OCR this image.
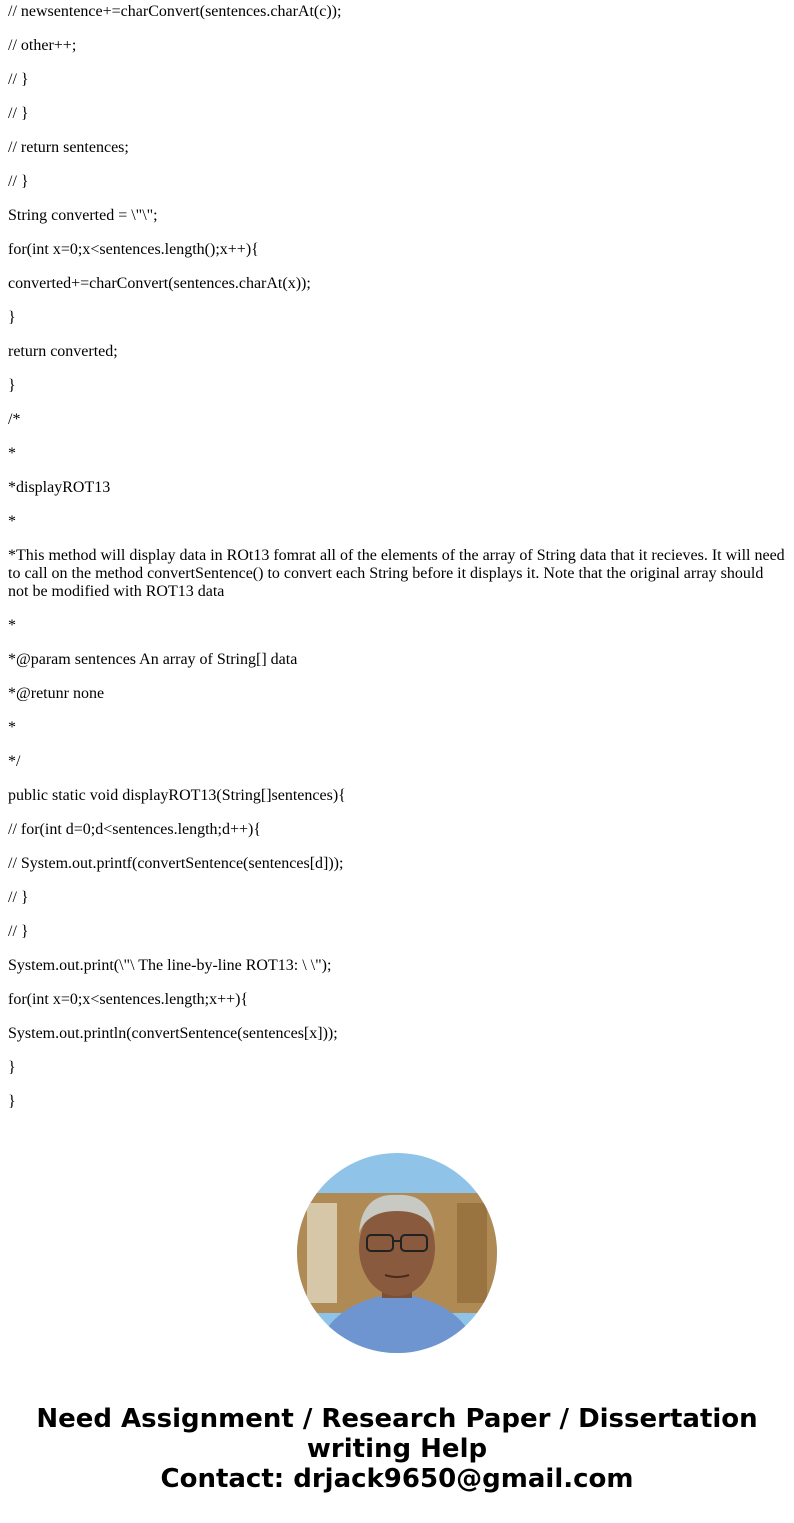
// newsentence+=charConvert(sentences.charAt(c));

// other++;

// }

// }

// return sentences;

// }

String converted = \"\";

for(int x=0;x<sentences.length();x++){

converted+=charConvert(sentences.charAt(x));

}

return converted;

}

/*

*

*displayROT13

*

*This method will display data in ROt13 fomrat all of the elements of the array of String data that it recieves. It will need to call on the method convertSentence() to convert each String before it displays it. Note that the original array should not be modified with ROT13 data

*

*@param sentences An array of String[] data

*@retunr none

*

*/

public static void displayROT13(String[]sentences){

// for(int d=0;d<sentences.length;d++){

// System.out.printf(convertSentence(sentences[d]));

// }

// }

System.out.print(\"\ The line-by-line ROT13: \ \");

for(int x=0;x<sentences.length;x++){

System.out.println(convertSentence(sentences[x]));

}

}

Need Assignment / Research Paper / Dissertation writing Help
Contact: drjack9650@gmail.com
